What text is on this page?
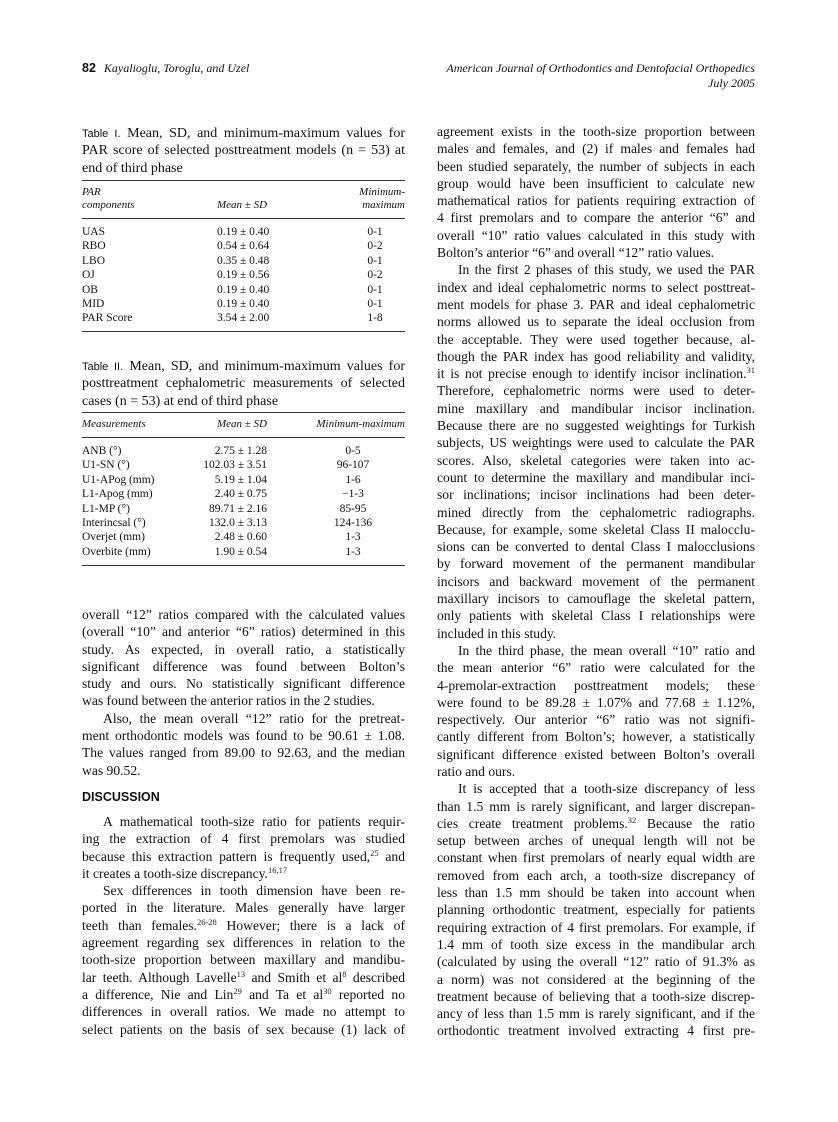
82 Kayalioglu, Toroglu, and Uzel	American Journal of Orthodontics and Dentofacial Orthopedics
July 2005
Table I. Mean, SD, and minimum-maximum values for
PAR score of selected posttreatment models (n = 53) at
end of third phase
PAR
components	Mean ± SD
Minimum-
maximum
UAS	0.19 ± 0.40	0-1
RBO	0.54 ± 0.64	0-2
LBO	0.35 ± 0.48	0-1
OJ	0.19 ± 0.56	0-2
OB	0.19 ± 0.40	0-1
MID	0.19 ± 0.40	0-1
PAR Score	3.54 ± 2.00	1-8
Table II. Mean, SD, and minimum-maximum values for
posttreatment cephalometric measurements of selected
cases (n = 53) at end of third phase
Measurements	Mean ± SD	Minimum-maximum
ANB (°)	2.75 ± 1.28	0-5
U1-SN (°)	102.03 ± 3.51	96-107
U1-APog (mm)	5.19 ± 1.04	1-6
L1-Apog (mm)	2.40 ± 0.75	−1-3
L1-MP (°)	89.71 ± 2.16	85-95
Interincsal (°)	132.0 ± 3.13	124-136
Overjet (mm)	2.48 ± 0.60	1-3
Overbite (mm)	1.90 ± 0.54	1-3
overall “12” ratios compared with the calculated values
(overall “10” and anterior “6” ratios) determined in this
study. As expected, in overall ratio, a statistically
significant difference was found between Bolton’s
study and ours. No statistically significant difference
was found between the anterior ratios in the 2 studies.
Also, the mean overall “12” ratio for the pretreat-
ment orthodontic models was found to be 90.61 ± 1.08.
The values ranged from 89.00 to 92.63, and the median
was 90.52.
DISCUSSION
A mathematical tooth-size ratio for patients requir-
ing the extraction of 4 first premolars was studied
because this extraction pattern is frequently used,$^{25}$ and
it creates a tooth-size discrepancy.$^{16,17}$
Sex differences in tooth dimension have been re-
ported in the literature. Males generally have larger
teeth than females.$^{26-28}$ However; there is a lack of
agreement regarding sex differences in relation to the
tooth-size proportion between maxillary and mandibu-
lar teeth. Although Lavelle$^{13}$ and Smith et $al^8$ described
a difference, Nie and Lin$^{29}$ and Ta et $al^{30}$ reported no
differences in overall ratios. We made no attempt to
select patients on the basis of sex because (1) lack of
agreement exists in the tooth-size proportion between
males and females, and (2) if males and females had
been studied separately, the number of subjects in each
group would have been insufficient to calculate new
mathematical ratios for patients requiring extraction of
4 first premolars and to compare the anterior “6” and
overall “10” ratio values calculated in this study with
Bolton’s anterior “6” and overall “12” ratio values.
In the first 2 phases of this study, we used the PAR
index and ideal cephalometric norms to select posttreat-
ment models for phase 3. PAR and ideal cephalometric
norms allowed us to separate the ideal occlusion from
the acceptable. They were used together because, al-
though the PAR index has good reliability and validity,
it is not precise enough to identify incisor inclination.$^{31}$
Therefore, cephalometric norms were used to deter-
mine maxillary and mandibular incisor inclination.
Because there are no suggested weightings for Turkish
subjects, US weightings were used to calculate the PAR
scores. Also, skeletal categories were taken into ac-
count to determine the maxillary and mandibular inci-
sor inclinations; incisor inclinations had been deter-
mined directly from the cephalometric radiographs.
Because, for example, some skeletal Class II malocclu-
sions can be converted to dental Class I malocclusions
by forward movement of the permanent mandibular
incisors and backward movement of the permanent
maxillary incisors to camouflage the skeletal pattern,
only patients with skeletal Class I relationships were
included in this study.
In the third phase, the mean overall “10” ratio and
the mean anterior “6” ratio were calculated for the
4-premolar-extraction posttreatment models; these
were found to be 89.28 ± 1.07% and 77.68 ± 1.12%,
respectively. Our anterior “6” ratio was not signifi-
cantly different from Bolton’s; however, a statistically
significant difference existed between Bolton’s overall
ratio and ours.
It is accepted that a tooth-size discrepancy of less
than 1.5 mm is rarely significant, and larger discrepan-
cies create treatment problems.$^{32}$ Because the ratio
setup between arches of unequal length will not be
constant when first premolars of nearly equal width are
removed from each arch, a tooth-size discrepancy of
less than 1.5 mm should be taken into account when
planning orthodontic treatment, especially for patients
requiring extraction of 4 first premolars. For example, if
1.4 mm of tooth size excess in the mandibular arch
(calculated by using the overall “12” ratio of 91.3% as
a norm) was not considered at the beginning of the
treatment because of believing that a tooth-size discrep-
ancy of less than 1.5 mm is rarely significant, and if the
orthodontic treatment involved extracting 4 first pre-
